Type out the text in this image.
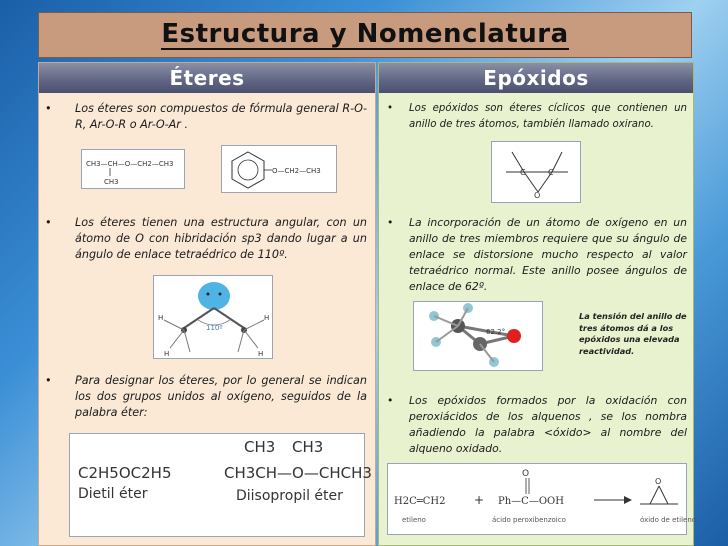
Estructura y Nomenclatura
Éteres
• Los éteres son compuestos de fórmula general R-O-R, Ar-O-R o Ar-O-Ar .
CH3—CH—O—CH2—CH3
CH3
O—CH2—CH3
• Los éteres tienen una estructura angular, con un átomo de O con hibridación sp3 dando lugar a un ángulo de enlace tetraédrico de 110º.
110º
H
H
H
H
• Para designar los éteres, por lo general se indican los dos grupos unidos al oxígeno, seguidos de la palabra éter:
C2H5OC2H5
Dietil éter
CH3 CH3
CH3CH—O—CHCH3
Diisopropil éter
Epóxidos
• Los epóxidos son éteres cíclicos que contienen un anillo de tres átomos, también llamado oxirano.
C	C
O
• La incorporación de un átomo de oxígeno en un anillo de tres miembros requiere que su ángulo de enlace se distorsione mucho respecto al valor tetraédrico normal. Este anillo posee ángulos de enlace de 62º.
62.2°
La tensión del anillo de tres átomos dá a los epóxidos una elevada reactividad.
• Los epóxidos formados por la oxidación con peroxiácidos de los alquenos , se los nombra añadiendo la palabra <óxido> al nombre del alqueno oxidado.
H2C═CH2
etileno
+ Ph—C—OOH
O
ácido peroxibenzoico
O
óxido de etileno
